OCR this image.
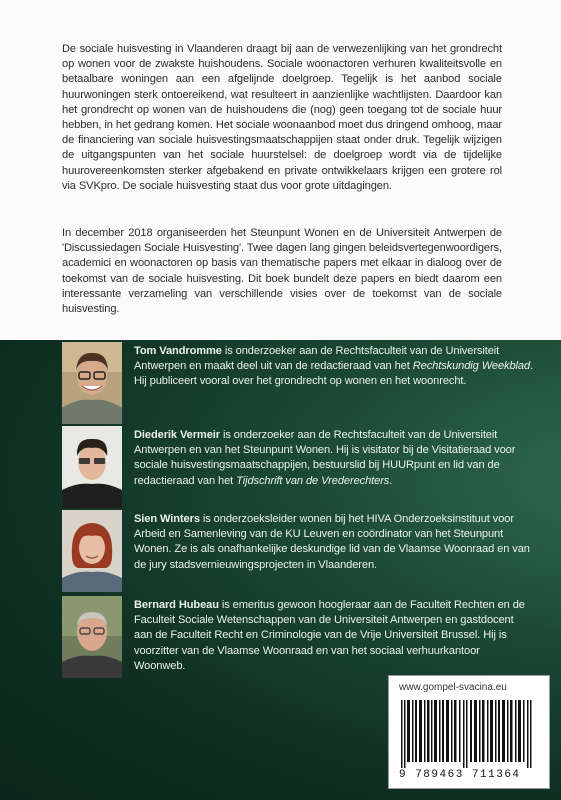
De sociale huisvesting in Vlaanderen draagt bij aan de verwezenlijking van het grondrecht op wonen voor de zwakste huishoudens. Sociale woonactoren verhuren kwaliteitsvolle en betaalbare woningen aan een afgelijnde doelgroep. Tegelijk is het aanbod sociale huurwoningen sterk ontoereikend, wat resulteert in aanzienlijke wachtlijsten. Daardoor kan het grondrecht op wonen van de huishoudens die (nog) geen toegang tot de sociale huur hebben, in het gedrang komen. Het sociale woonaanbod moet dus dringend omhoog, maar de financiering van sociale huisvestingsmaatschappijen staat onder druk. Tegelijk wijzigen de uitgangspunten van het sociale huurstelsel: de doelgroep wordt via de tijdelijke huurovereenkomsten sterker afgebakend en private ontwikkelaars krijgen een grotere rol via SVKpro. De sociale huisvesting staat dus voor grote uitdagingen.

In december 2018 organiseerden het Steunpunt Wonen en de Universiteit Antwerpen de 'Discussiedagen Sociale Huisvesting'. Twee dagen lang gingen beleidsvertegenwoordigers, academici en woonactoren op basis van thematische papers met elkaar in dialoog over de toekomst van de sociale huisvesting. Dit boek bundelt deze papers en biedt daarom een interessante verzameling van verschillende visies over de toekomst van de sociale huisvesting.

Tom Vandromme is onderzoeker aan de Rechtsfaculteit van de Universiteit Antwerpen en maakt deel uit van de redactieraad van het Rechtskundig Weekblad. Hij publiceert vooral over het grondrecht op wonen en het woonrecht.

Diederik Vermeir is onderzoeker aan de Rechtsfaculteit van de Universiteit Antwerpen en van het Steunpunt Wonen. Hij is visitator bij de Visitatieraad voor sociale huisvestingsmaatschappijen, bestuurslid bij HUURpunt en lid van de redactieraad van het Tijdschrift van de Vrederechters.

Sien Winters is onderzoeksleider wonen bij het HIVA Onderzoeksinstituut voor Arbeid en Samenleving van de KU Leuven en coördinator van het Steunpunt Wonen. Ze is als onafhankelijke deskundige lid van de Vlaamse Woonraad en van de jury stadsvernieuwingsprojecten in Vlaanderen.

Bernard Hubeau is emeritus gewoon hoogleraar aan de Faculteit Rechten en de Faculteit Sociale Wetenschappen van de Universiteit Antwerpen en gastdocent aan de Faculteit Recht en Criminologie van de Vrije Universiteit Brussel. Hij is voorzitter van de Vlaamse Woonraad en van het sociaal verhuurkantoor Woonweb.

www.gompel-svacina.eu
9 789463 711364
